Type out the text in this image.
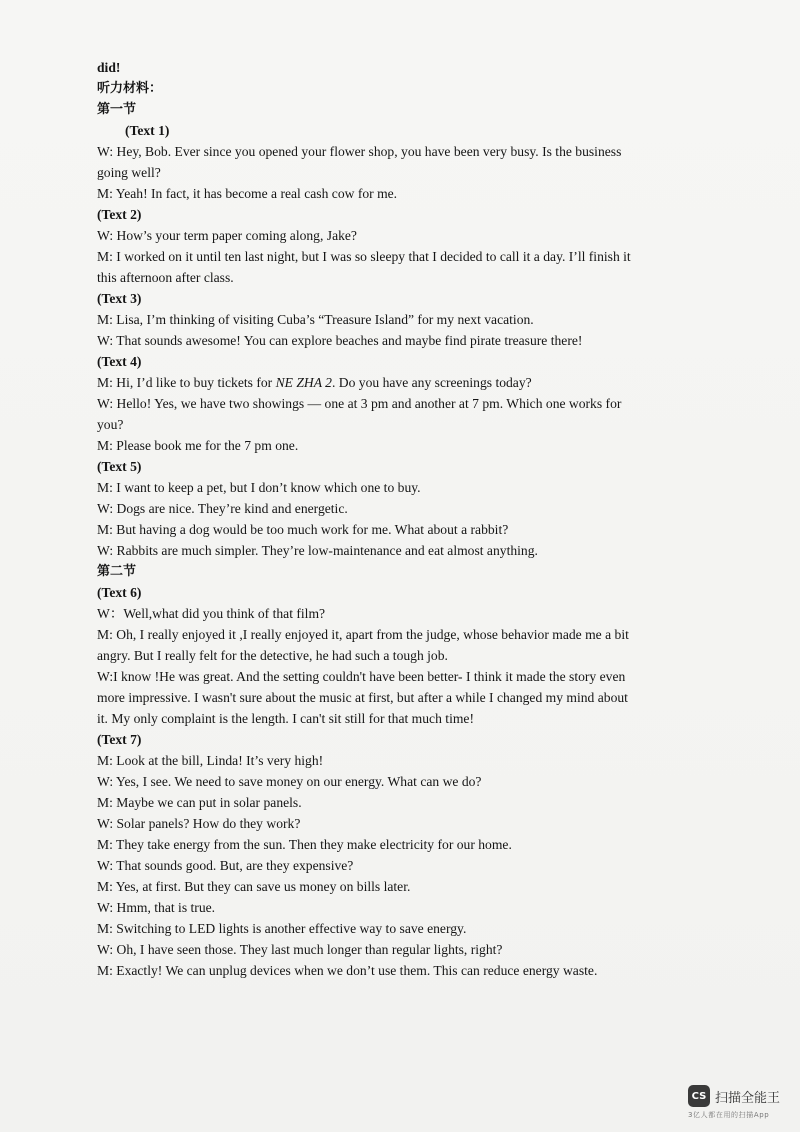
did!
听力材料：
第一节
(Text 1)
W: Hey, Bob. Ever since you opened your flower shop, you have been very busy. Is the business
going well?
M: Yeah! In fact, it has become a real cash cow for me.
(Text 2)
W: How’s your term paper coming along, Jake?
M: I worked on it until ten last night, but I was so sleepy that I decided to call it a day. I’ll finish it
this afternoon after class.
(Text 3)
M: Lisa, I’m thinking of visiting Cuba’s “Treasure Island” for my next vacation.
W: That sounds awesome! You can explore beaches and maybe find pirate treasure there!
(Text 4)
M: Hi, I’d like to buy tickets for NE ZHA 2. Do you have any screenings today?
W: Hello! Yes, we have two showings — one at 3 pm and another at 7 pm. Which one works for
you?
M: Please book me for the 7 pm one.
(Text 5)
M: I want to keep a pet, but I don’t know which one to buy.
W: Dogs are nice. They’re kind and energetic.
M: But having a dog would be too much work for me. What about a rabbit?
W: Rabbits are much simpler. They’re low-maintenance and eat almost anything.
第二节
(Text 6)
W：Well,what did you think of that film?
M: Oh, I really enjoyed it ,I really enjoyed it, apart from the judge, whose behavior made me a bit
angry. But I really felt for the detective, he had such a tough job.
W:I know !He was great. And the setting couldn't have been better- I think it made the story even
more impressive. I wasn't sure about the music at first, but after a while I changed my mind about
it. My only complaint is the length. I can't sit still for that much time!
(Text 7)
M: Look at the bill, Linda! It’s very high!
W: Yes, I see. We need to save money on our energy. What can we do?
M: Maybe we can put in solar panels.
W: Solar panels? How do they work?
M: They take energy from the sun. Then they make electricity for our home.
W: That sounds good. But, are they expensive?
M: Yes, at first. But they can save us money on bills later.
W: Hmm, that is true.
M: Switching to LED lights is another effective way to save energy.
W: Oh, I have seen those. They last much longer than regular lights, right?
M: Exactly! We can unplug devices when we don’t use them. This can reduce energy waste.
CS 扫描全能王
3亿人都在用的扫描App
